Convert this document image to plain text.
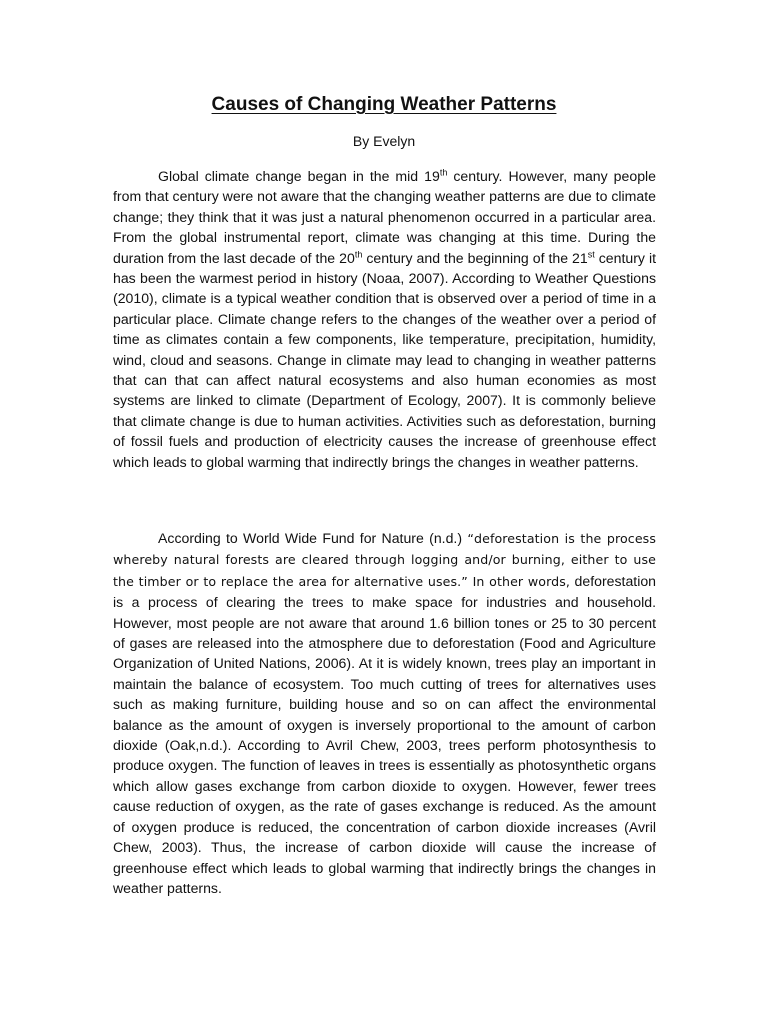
Causes of Changing Weather Patterns

By Evelyn

Global climate change began in the mid 19th century. However, many people from that century were not aware that the changing weather patterns are due to climate change; they think that it was just a natural phenomenon occurred in a particular area. From the global instrumental report, climate was changing at this time. During the duration from the last decade of the 20th century and the beginning of the 21st century it has been the warmest period in history (Noaa, 2007). According to Weather Questions (2010), climate is a typical weather condition that is observed over a period of time in a particular place. Climate change refers to the changes of the weather over a period of time as climates contain a few components, like temperature, precipitation, humidity, wind, cloud and seasons. Change in climate may lead to changing in weather patterns that can that can affect natural ecosystems and also human economies as most systems are linked to climate (Department of Ecology, 2007). It is commonly believe that climate change is due to human activities. Activities such as deforestation, burning of fossil fuels and production of electricity causes the increase of greenhouse effect which leads to global warming that indirectly brings the changes in weather patterns.

According to World Wide Fund for Nature (n.d.) “deforestation is the process whereby natural forests are cleared through logging and/or burning, either to use the timber or to replace the area for alternative uses.” In other words, deforestation is a process of clearing the trees to make space for industries and household. However, most people are not aware that around 1.6 billion tones or 25 to 30 percent of gases are released into the atmosphere due to deforestation (Food and Agriculture Organization of United Nations, 2006). At it is widely known, trees play an important in maintain the balance of ecosystem. Too much cutting of trees for alternatives uses such as making furniture, building house and so on can affect the environmental balance as the amount of oxygen is inversely proportional to the amount of carbon dioxide (Oak,n.d.). According to Avril Chew, 2003, trees perform photosynthesis to produce oxygen. The function of leaves in trees is essentially as photosynthetic organs which allow gases exchange from carbon dioxide to oxygen. However, fewer trees cause reduction of oxygen, as the rate of gases exchange is reduced. As the amount of oxygen produce is reduced, the concentration of carbon dioxide increases (Avril Chew, 2003). Thus, the increase of carbon dioxide will cause the increase of greenhouse effect which leads to global warming that indirectly brings the changes in weather patterns.
